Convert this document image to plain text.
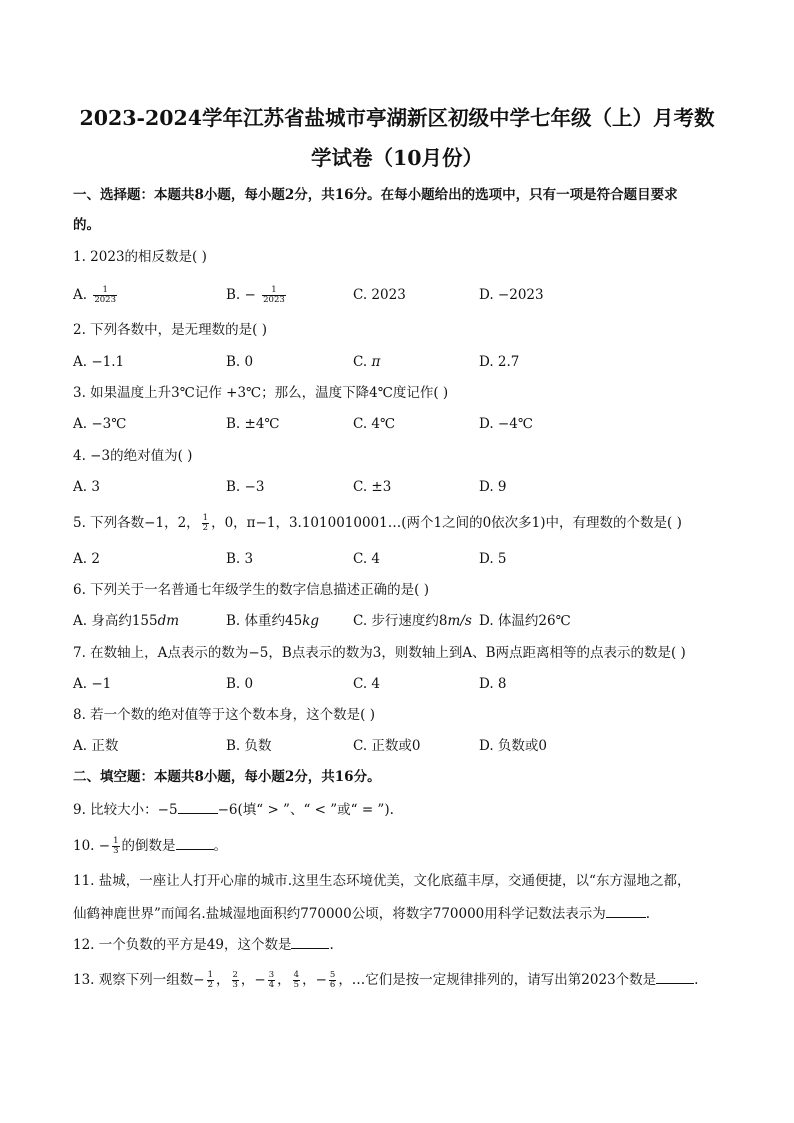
2023-2024学年江苏省盐城市亭湖新区初级中学七年级（上）月考数
学试卷（10月份）
一、选择题：本题共8小题，每小题2分，共16分。在每小题给出的选项中，只有一项是符合题目要求
的。
1. 2023的相反数是( )
A. $\frac{1}{2023}$	B. − $\frac{1}{2023}$	C. 2023	D. −2023
2. 下列各数中，是无理数的是( )
A. −1.1	B. 0	C. π	D. 2.7
3. 如果温度上升3℃记作 +3℃；那么，温度下降4℃度记作( )
A. −3℃	B. ±4℃	C. 4℃	D. −4℃
4. −3的绝对值为( )
A. 3	B. −3	C. ±3	D. 9
5. 下列各数−1，2， $\frac{1}{2}$ ，0，π−1，3.1010010001…(两个1之间的0依次多1)中，有理数的个数是( )
A. 2	B. 3	C. 4	D. 5
6. 下列关于一名普通七年级学生的数字信息描述正确的是( )
A. 身高约155dm	B. 体重约45kg	C. 步行速度约8m/s D. 体温约26℃
7. 在数轴上，A点表示的数为−5，B点表示的数为3，则数轴上到A、B两点距离相等的点表示的数是( )
A. −1	B. 0	C. 4	D. 8
8. 若一个数的绝对值等于这个数本身，这个数是( )
A. 正数	B. 负数	C. 正数或0	D. 负数或0
二、填空题：本题共8小题，每小题2分，共16分。
9. 比较大小：−5	−6(填“ > ”、“ < ”或“ = ”).
10. − $\frac{1}{3}$ 的倒数是	。
11. 盐城，一座让人打开心扉的城市.这里生态环境优美，文化底蕴丰厚，交通便捷，以“东方湿地之都，
仙鹤神鹿世界”而闻名.盐城湿地面积约770000公顷，将数字770000用科学记数法表示为	.
12. 一个负数的平方是49，这个数是	.
13. 观察下列一组数− $\frac{1}{2}$ ， $\frac{2}{3}$ ，− $\frac{3}{4}$ ， $\frac{4}{5}$ ，− $\frac{5}{6}$ ，…它们是按一定规律排列的，请写出第2023个数是	.
